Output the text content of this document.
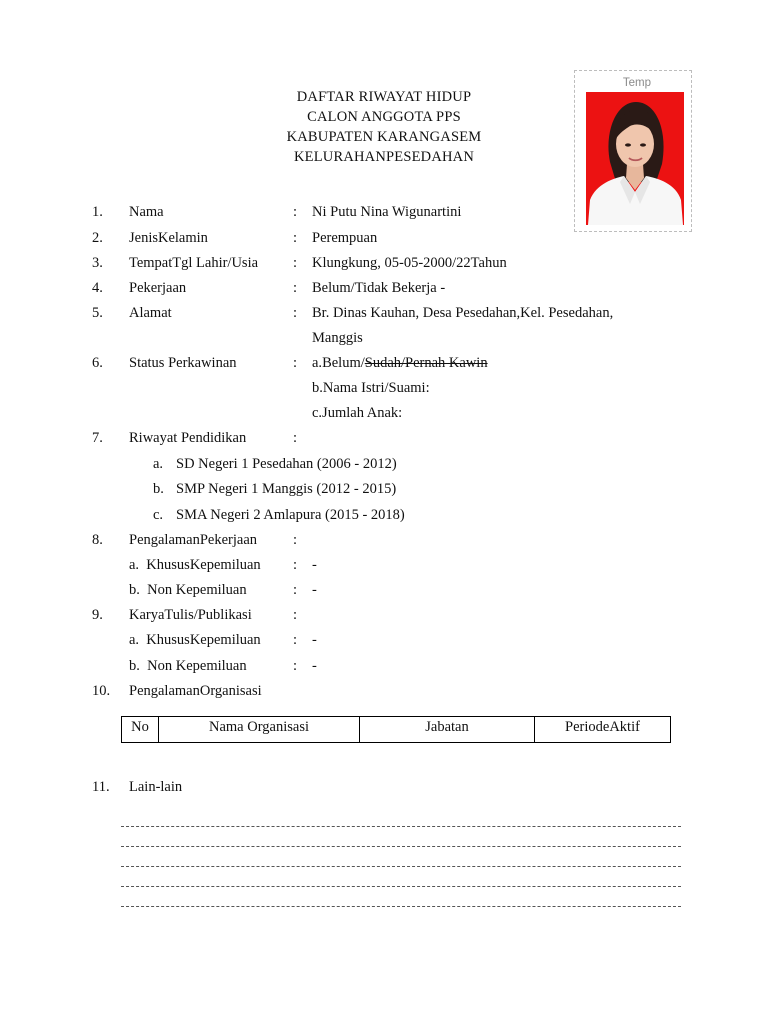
DAFTAR RIWAYAT HIDUP
CALON ANGGOTA PPS
KABUPATEN KARANGASEM
KELURAHANPESEDAHAN
Temp
1. Nama	: Ni Putu Nina Wigunartini
2. JenisKelamin	: Perempuan
3. TempatTgl Lahir/Usia : Klungkung, 05-05-2000/22Tahun
4. Pekerjaan	: Belum/Tidak Bekerja -
5. Alamat	: Br. Dinas Kauhan, Desa Pesedahan,Kel. Pesedahan,
Manggis
6. Status Perkawinan	: a.Belum/Sudah/Pernah Kawin
b.Nama Istri/Suami:
c.Jumlah Anak:
7. Riwayat Pendidikan	:
a. SD Negeri 1 Pesedahan (2006 - 2012)
b. SMP Negeri 1 Manggis (2012 - 2015)
c. SMA Negeri 2 Amlapura (2015 - 2018)
8. PengalamanPekerjaan :
a.  KhususKepemiluan : -
b.  Non Kepemiluan	: -
9. KaryaTulis/Publikasi	:
a.  KhususKepemiluan : -
b.  Non Kepemiluan	: -
10. PengalamanOrganisasi
No	Nama Organisasi	Jabatan	PeriodeAktif
11. Lain-lain
